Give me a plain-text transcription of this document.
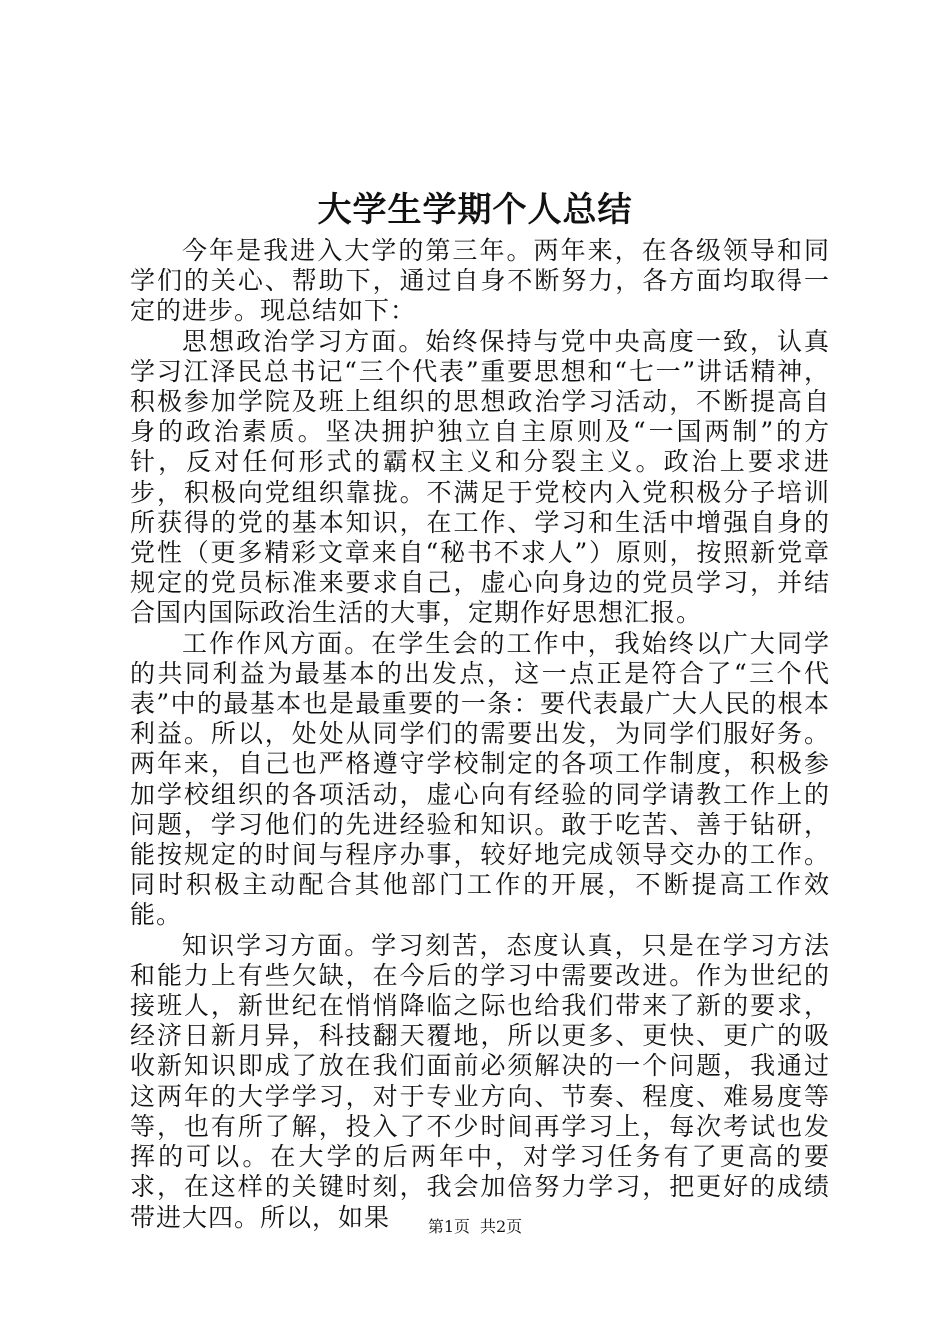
大学生学期个人总结

今年是我进入大学的第三年。两年来，在各级领导和同学们的关心、帮助下，通过自身不断努力，各方面均取得一定的进步。现总结如下：

思想政治学习方面。始终保持与党中央高度一致，认真学习江泽民总书记“三个代表”重要思想和“七一”讲话精神，积极参加学院及班上组织的思想政治学习活动，不断提高自身的政治素质。坚决拥护独立自主原则及“一国两制”的方针，反对任何形式的霸权主义和分裂主义。政治上要求进步，积极向党组织靠拢。不满足于党校内入党积极分子培训所获得的党的基本知识，在工作、学习和生活中增强自身的党性（更多精彩文章来自“秘书不求人”）原则，按照新党章规定的党员标准来要求自己，虚心向身边的党员学习，并结合国内国际政治生活的大事，定期作好思想汇报。

工作作风方面。在学生会的工作中，我始终以广大同学的共同利益为最基本的出发点，这一点正是符合了“三个代表”中的最基本也是最重要的一条：要代表最广大人民的根本利益。所以，处处从同学们的需要出发，为同学们服好务。两年来，自己也严格遵守学校制定的各项工作制度，积极参加学校组织的各项活动，虚心向有经验的同学请教工作上的问题，学习他们的先进经验和知识。敢于吃苦、善于钻研，能按规定的时间与程序办事，较好地完成领导交办的工作。同时积极主动配合其他部门工作的开展，不断提高工作效能。

知识学习方面。学习刻苦，态度认真，只是在学习方法和能力上有些欠缺，在今后的学习中需要改进。作为世纪的接班人，新世纪在悄悄降临之际也给我们带来了新的要求，经济日新月异，科技翻天覆地，所以更多、更快、更广的吸收新知识即成了放在我们面前必须解决的一个问题，我通过这两年的大学学习，对于专业方向、节奏、程度、难易度等等，也有所了解，投入了不少时间再学习上，每次考试也发挥的可以。在大学的后两年中，对学习任务有了更高的要求，在这样的关键时刻，我会加倍努力学习，把更好的成绩带进大四。所以，如果	第1页 共2页
